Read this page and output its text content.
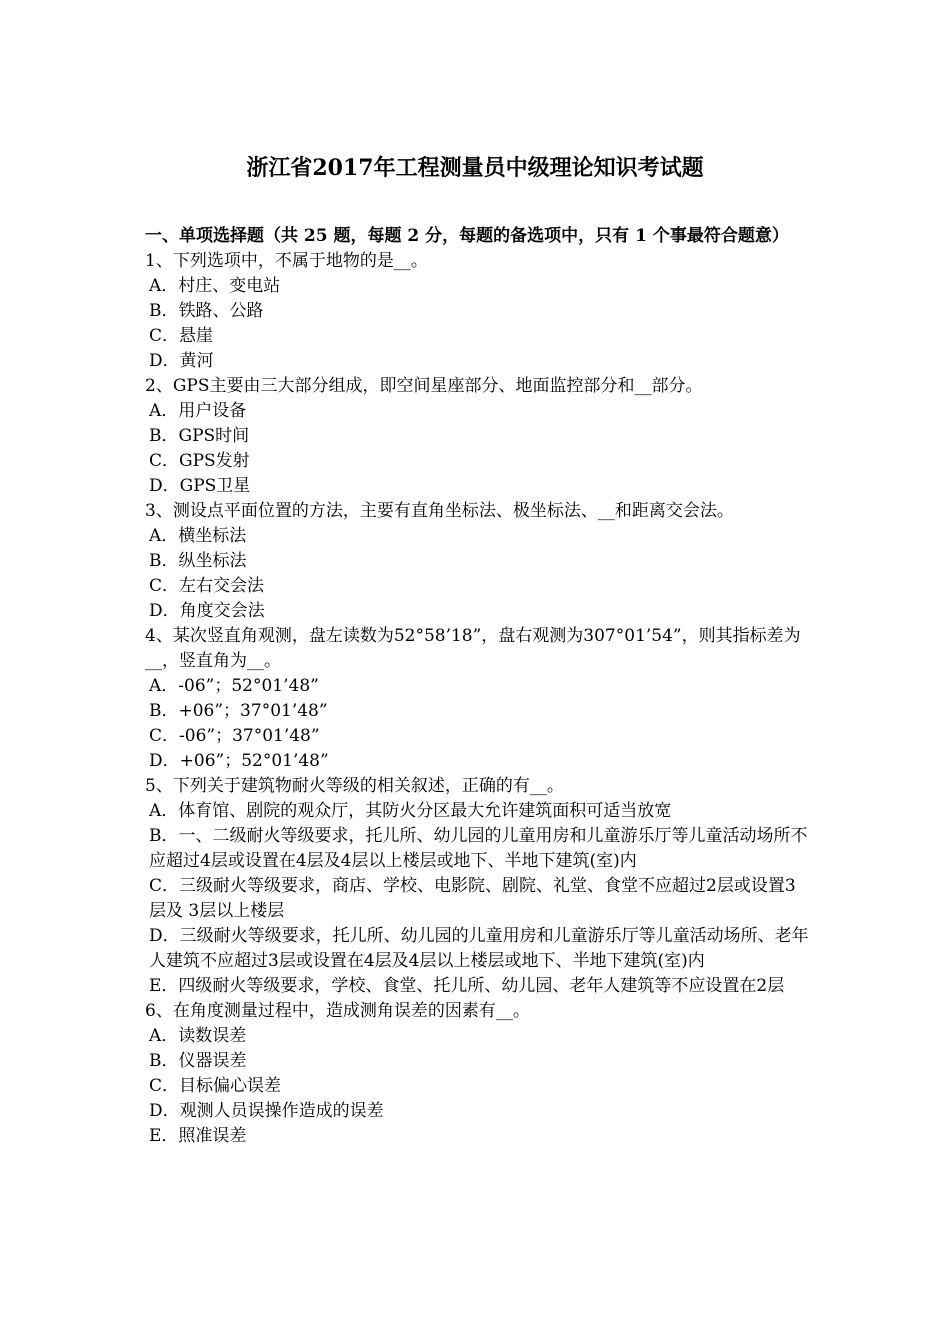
浙江省2017年工程测量员中级理论知识考试题

一、单项选择题（共 25 题，每题 2 分，每题的备选项中，只有 1 个事最符合题意）

1、下列选项中，不属于地物的是__。

A．村庄、变电站

B．铁路、公路

C．悬崖

D．黄河

2、GPS主要由三大部分组成，即空间星座部分、地面监控部分和__部分。

A．用户设备

B．GPS时间

C．GPS发射

D．GPS卫星

3、测设点平面位置的方法，主要有直角坐标法、极坐标法、__和距离交会法。

A．横坐标法

B．纵坐标法

C．左右交会法

D．角度交会法

4、某次竖直角观测，盘左读数为52°58’18”，盘右观测为307°01’54”，则其指标差为__，竖直角为__。

A．-06”；52°01’48”

B．+06”；37°01’48”

C．-06”；37°01’48”

D．+06”；52°01’48”

5、下列关于建筑物耐火等级的相关叙述，正确的有__。

A．体育馆、剧院的观众厅，其防火分区最大允许建筑面积可适当放宽

B．一、二级耐火等级要求，托儿所、幼儿园的儿童用房和儿童游乐厅等儿童活动场所不应超过4层或设置在4层及4层以上楼层或地下、半地下建筑(室)内

C．三级耐火等级要求，商店、学校、电影院、剧院、礼堂、食堂不应超过2层或设置3层及 3层以上楼层

D．三级耐火等级要求，托儿所、幼儿园的儿童用房和儿童游乐厅等儿童活动场所、老年人建筑不应超过3层或设置在4层及4层以上楼层或地下、半地下建筑(室)内

E．四级耐火等级要求，学校、食堂、托儿所、幼儿园、老年人建筑等不应设置在2层

6、在角度测量过程中，造成测角误差的因素有__。

A．读数误差

B．仪器误差

C．目标偏心误差

D．观测人员误操作造成的误差

E．照准误差
